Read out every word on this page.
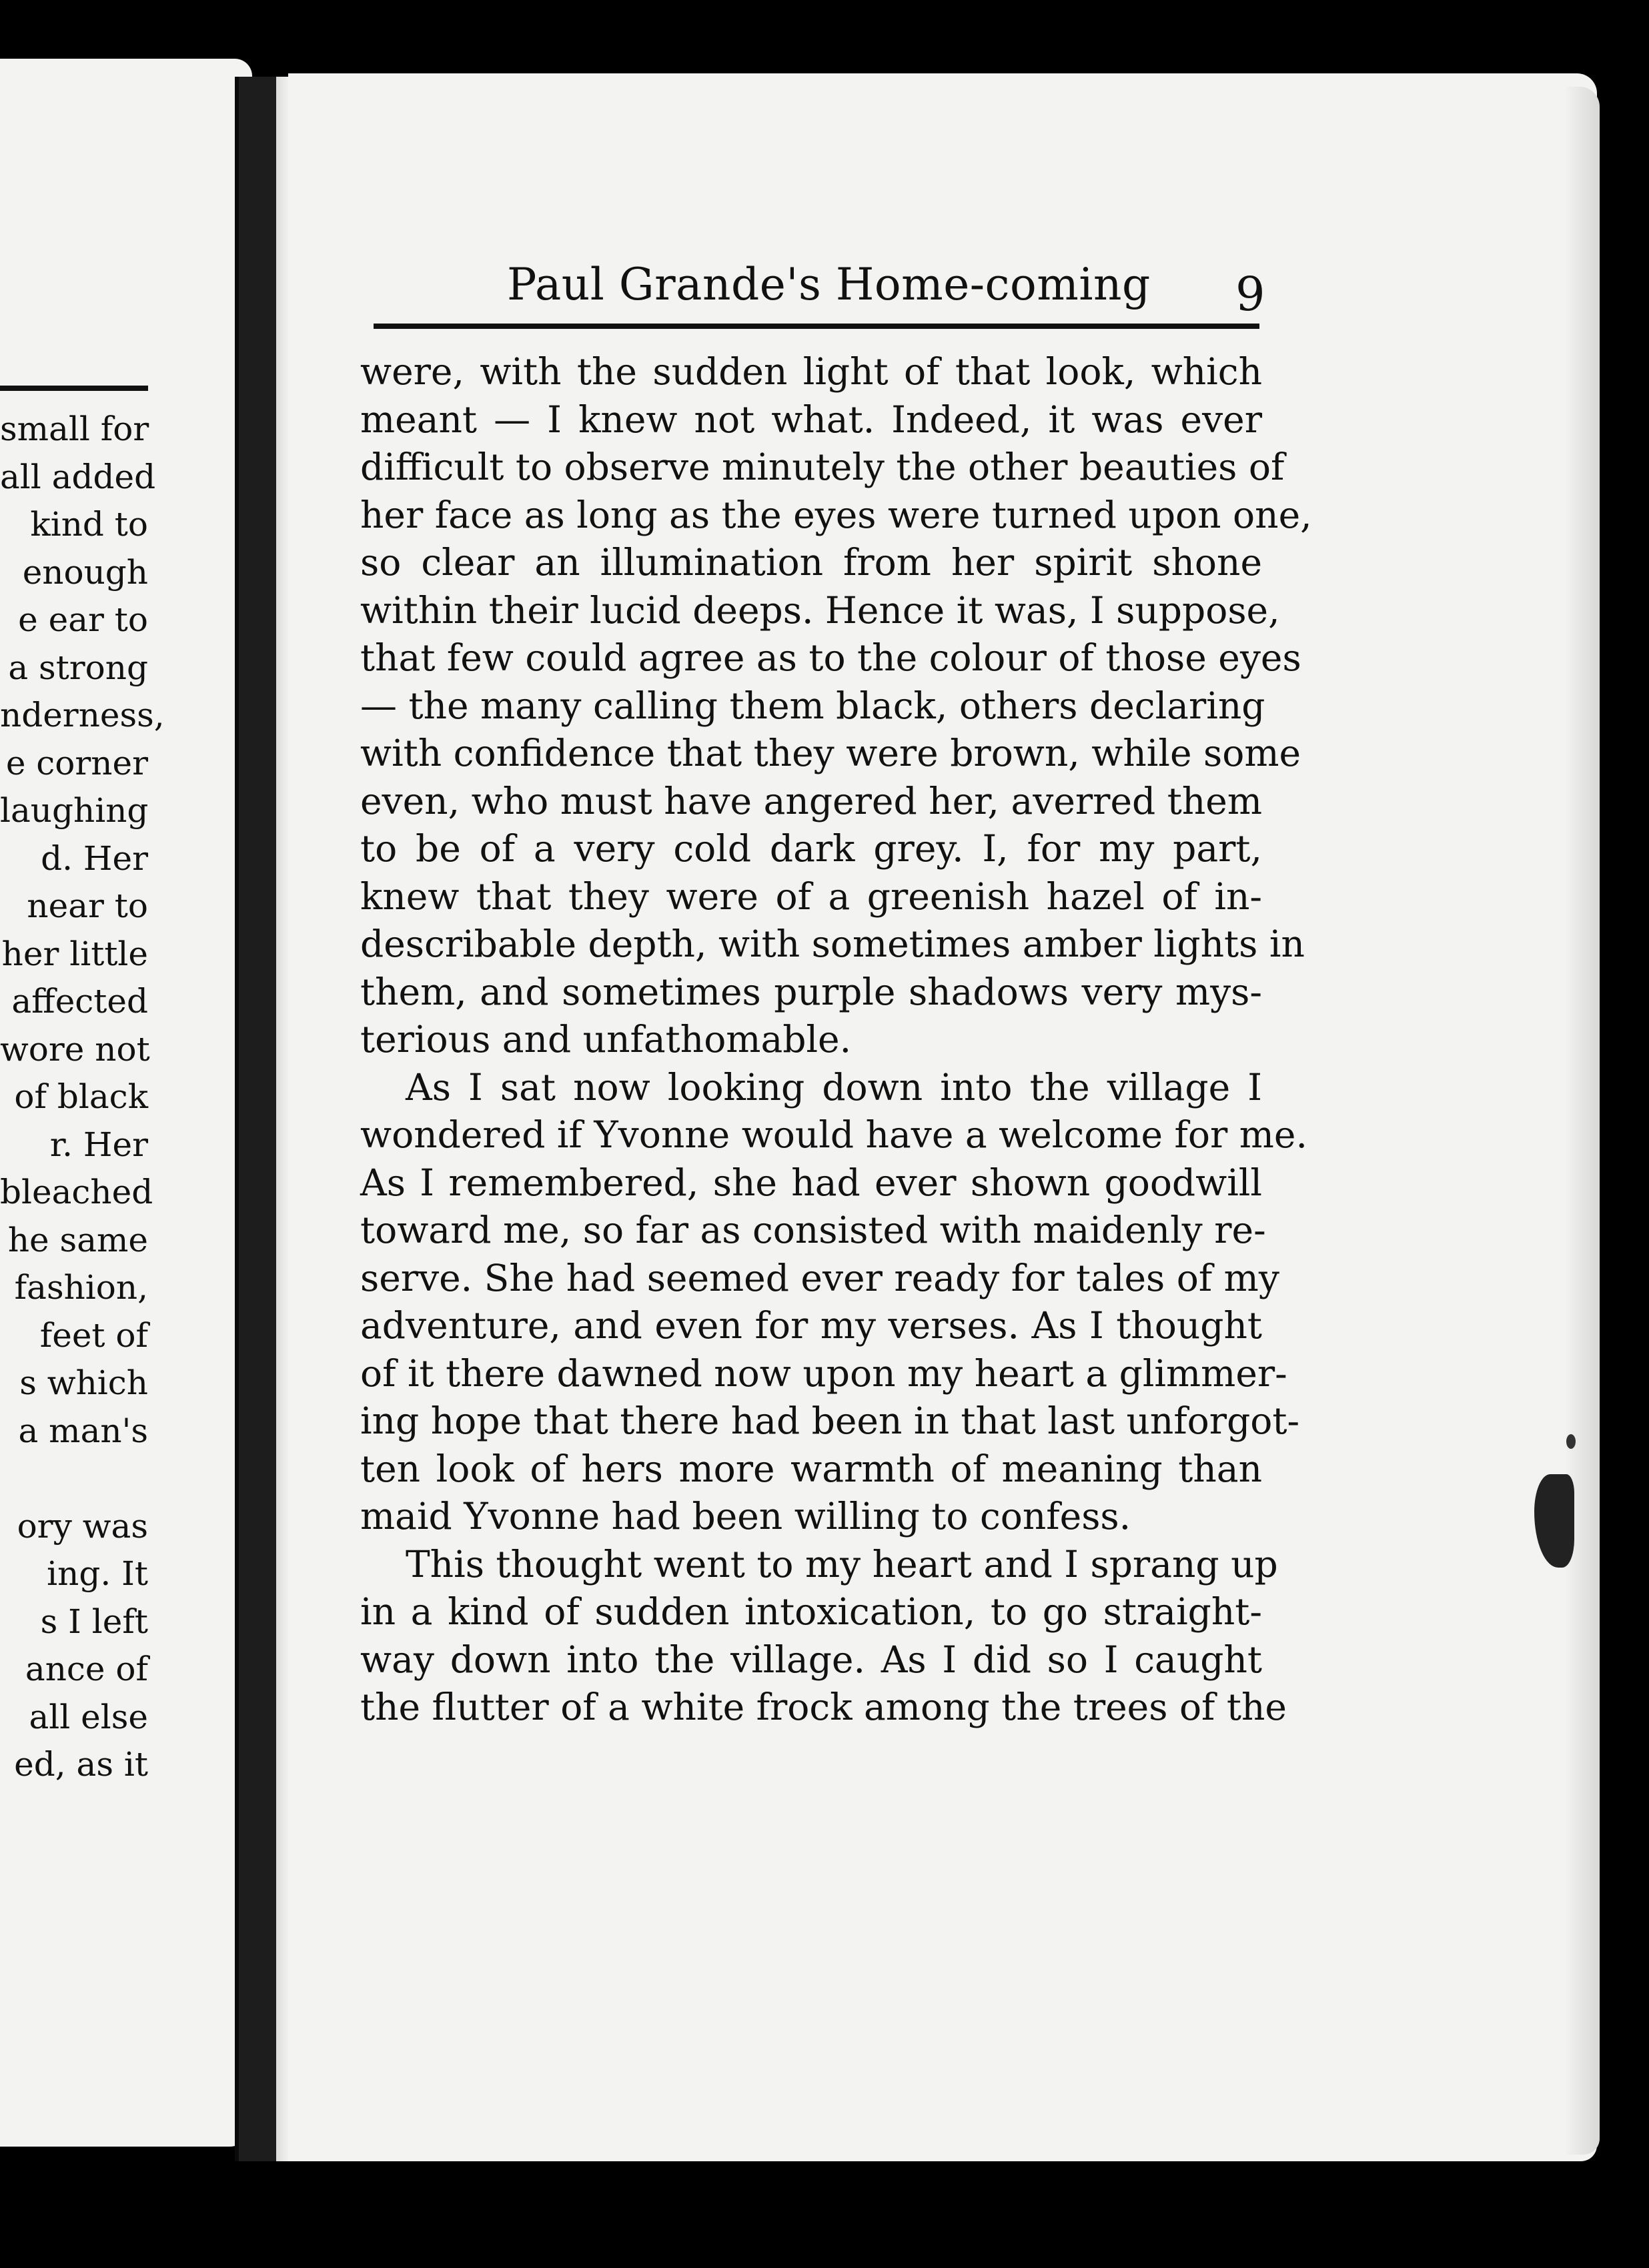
small for
all added
kind to
enough
e ear to
a strong
nderness,
e corner
laughing
d. Her
near to
her little
affected
wore not
of black
r. Her
bleached
he same
fashion,
feet of
s which
a man's
ory was
ing. It
s I left
ance of
all else
ed, as it
Paul Grande's Home-coming 9
were, with the sudden light of that look, which
meant — I knew not what. Indeed, it was ever
difficult to observe minutely the other beauties of
her face as long as the eyes were turned upon one,
so clear an illumination from her spirit shone
within their lucid deeps. Hence it was, I suppose,
that few could agree as to the colour of those eyes
— the many calling them black, others declaring
with confidence that they were brown, while some
even, who must have angered her, averred them
to be of a very cold dark grey. I, for my part,
knew that they were of a greenish hazel of in-
describable depth, with sometimes amber lights in
them, and sometimes purple shadows very mys-
terious and unfathomable.
As I sat now looking down into the village I
wondered if Yvonne would have a welcome for me.
As I remembered, she had ever shown goodwill
toward me, so far as consisted with maidenly re-
serve. She had seemed ever ready for tales of my
adventure, and even for my verses. As I thought
of it there dawned now upon my heart a glimmer-
ing hope that there had been in that last unforgot-
ten look of hers more warmth of meaning than
maid Yvonne had been willing to confess.
This thought went to my heart and I sprang up
in a kind of sudden intoxication, to go straight-
way down into the village. As I did so I caught
the flutter of a white frock among the trees of the
